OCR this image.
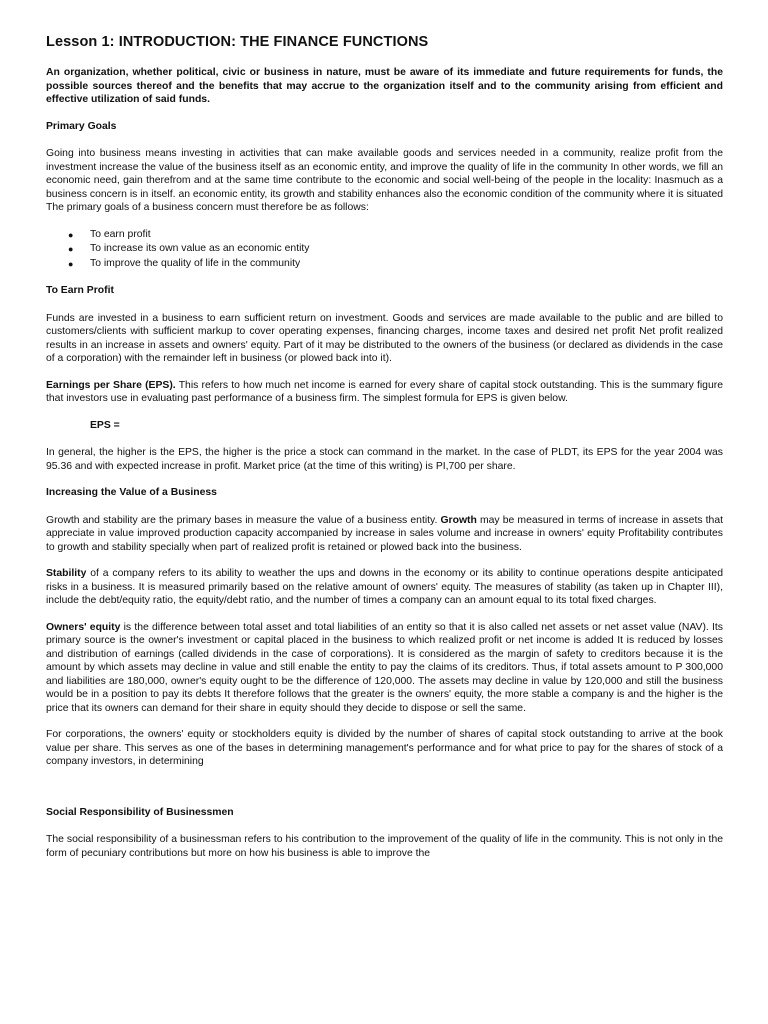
Lesson 1: INTRODUCTION: THE FINANCE FUNCTIONS

An organization, whether political, civic or business in nature, must be aware of its immediate and future requirements for funds, the possible sources thereof and the benefits that may accrue to the organization itself and to the community arising from efficient and effective utilization of said funds.

Primary Goals

Going into business means investing in activities that can make available goods and services needed in a community, realize profit from the investment increase the value of the business itself as an economic entity, and improve the quality of life in the community In other words, we fill an economic need, gain therefrom and at the same time contribute to the economic and social well-being of the people in the locality: Inasmuch as a business concern is in itself. an economic entity, its growth and stability enhances also the economic condition of the community where it is situated The primary goals of a business concern must therefore be as follows:

● To earn profit
● To increase its own value as an economic entity
● To improve the quality of life in the community
To Earn Profit

Funds are invested in a business to earn sufficient return on investment. Goods and services are made available to the public and are billed to customers/clients with sufficient markup to cover operating expenses, financing charges, income taxes and desired net profit Net profit realized results in an increase in assets and owners' equity. Part of it may be distributed to the owners of the business (or declared as dividends in the case of a corporation) with the remainder left in business (or plowed back into it).

Earnings per Share (EPS). This refers to how much net income is earned for every share of capital stock outstanding. This is the summary figure that investors use in evaluating past performance of a business firm. The simplest formula for EPS is given below.

EPS =

In general, the higher is the EPS, the higher is the price a stock can command in the market. In the case of PLDT, its EPS for the year 2004 was 95.36 and with expected increase in profit. Market price (at the time of this writing) is PI,700 per share.

Increasing the Value of a Business

Growth and stability are the primary bases in measure the value of a business entity. Growth may be measured in terms of increase in assets that appreciate in value improved production capacity accompanied by increase in sales volume and increase in owners' equity Profitability contributes to growth and stability specially when part of realized profit is retained or plowed back into the business.

Stability of a company refers to its ability to weather the ups and downs in the economy or its ability to continue operations despite anticipated risks in a business. It is measured primarily based on the relative amount of owners' equity. The measures of stability (as taken up in Chapter III), include the debt/equity ratio, the equity/debt ratio, and the number of times a company can an amount equal to its total fixed charges.

Owners' equity is the difference between total asset and total liabilities of an entity so that it is also called net assets or net asset value (NAV). Its primary source is the owner's investment or capital placed in the business to which realized profit or net income is added It is reduced by losses and distribution of earnings (called dividends in the case of corporations). It is considered as the margin of safety to creditors because it is the amount by which assets may decline in value and still enable the entity to pay the claims of its creditors. Thus, if total assets amount to P 300,000 and liabilities are 180,000, owner's equity ought to be the difference of 120,000. The assets may decline in value by 120,000 and still the business would be in a position to pay its debts It therefore follows that the greater is the owners' equity, the more stable a company is and the higher is the price that its owners can demand for their share in equity should they decide to dispose or sell the same.

For corporations, the owners' equity or stockholders equity is divided by the number of shares of capital stock outstanding to arrive at the book value per share. This serves as one of the bases in determining management's performance and for what price to pay for the shares of stock of a company investors, in determining

Social Responsibility of Businessmen

The social responsibility of a businessman refers to his contribution to the improvement of the quality of life in the community. This is not only in the form of pecuniary contributions but more on how his business is able to improve the
